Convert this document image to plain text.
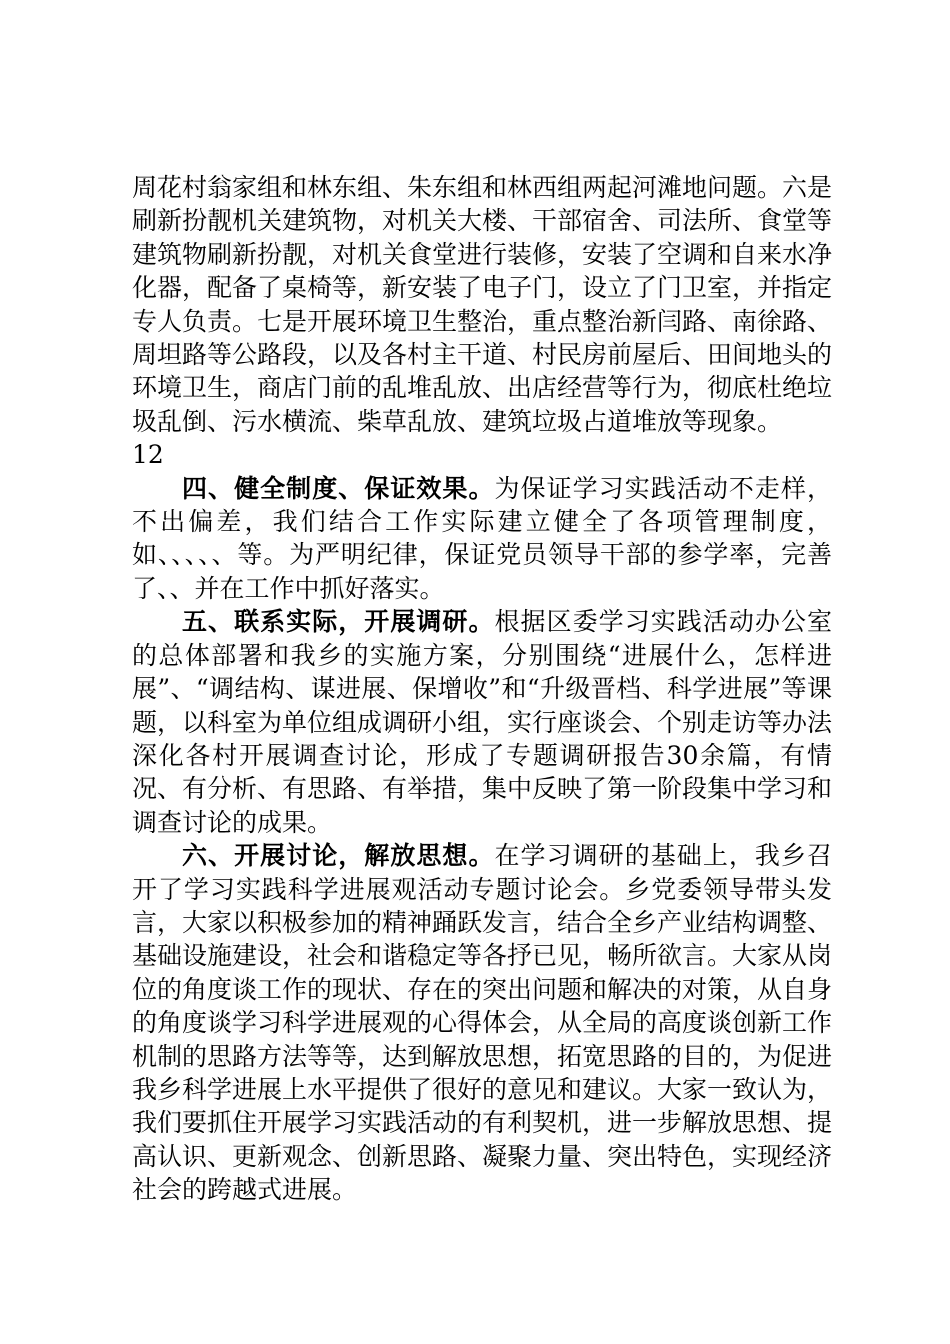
周花村翁家组和林东组、朱东组和林西组两起河滩地问题。六是刷新扮靓机关建筑物，对机关大楼、干部宿舍、司法所、食堂等建筑物刷新扮靓，对机关食堂进行装修，安装了空调和自来水净化器，配备了桌椅等，新安装了电子门，设立了门卫室，并指定专人负责。七是开展环境卫生整治，重点整治新闫路、南徐路、周坦路等公路段，以及各村主干道、村民房前屋后、田间地头的环境卫生，商店门前的乱堆乱放、出店经营等行为，彻底杜绝垃圾乱倒、污水横流、柴草乱放、建筑垃圾占道堆放等现象。

12

四、健全制度、保证效果。为保证学习实践活动不走样，不出偏差，我们结合工作实际建立健全了各项管理制度，如、、、、、等。为严明纪律，保证党员领导干部的参学率，完善了、、并在工作中抓好落实。

五、联系实际，开展调研。根据区委学习实践活动办公室的总体部署和我乡的实施方案，分别围绕“进展什么，怎样进展”、“调结构、谋进展、保增收”和“升级晋档、科学进展”等课题，以科室为单位组成调研小组，实行座谈会、个别走访等办法深化各村开展调查讨论，形成了专题调研报告30余篇，有情况、有分析、有思路、有举措，集中反映了第一阶段集中学习和调查讨论的成果。

六、开展讨论，解放思想。在学习调研的基础上，我乡召开了学习实践科学进展观活动专题讨论会。乡党委领导带头发言，大家以积极参加的精神踊跃发言，结合全乡产业结构调整、基础设施建设，社会和谐稳定等各抒已见，畅所欲言。大家从岗位的角度谈工作的现状、存在的突出问题和解决的对策，从自身的角度谈学习科学进展观的心得体会，从全局的高度谈创新工作机制的思路方法等等，达到解放思想，拓宽思路的目的，为促进我乡科学进展上水平提供了很好的意见和建议。大家一致认为，我们要抓住开展学习实践活动的有利契机，进一步解放思想、提高认识、更新观念、创新思路、凝聚力量、突出特色，实现经济社会的跨越式进展。
